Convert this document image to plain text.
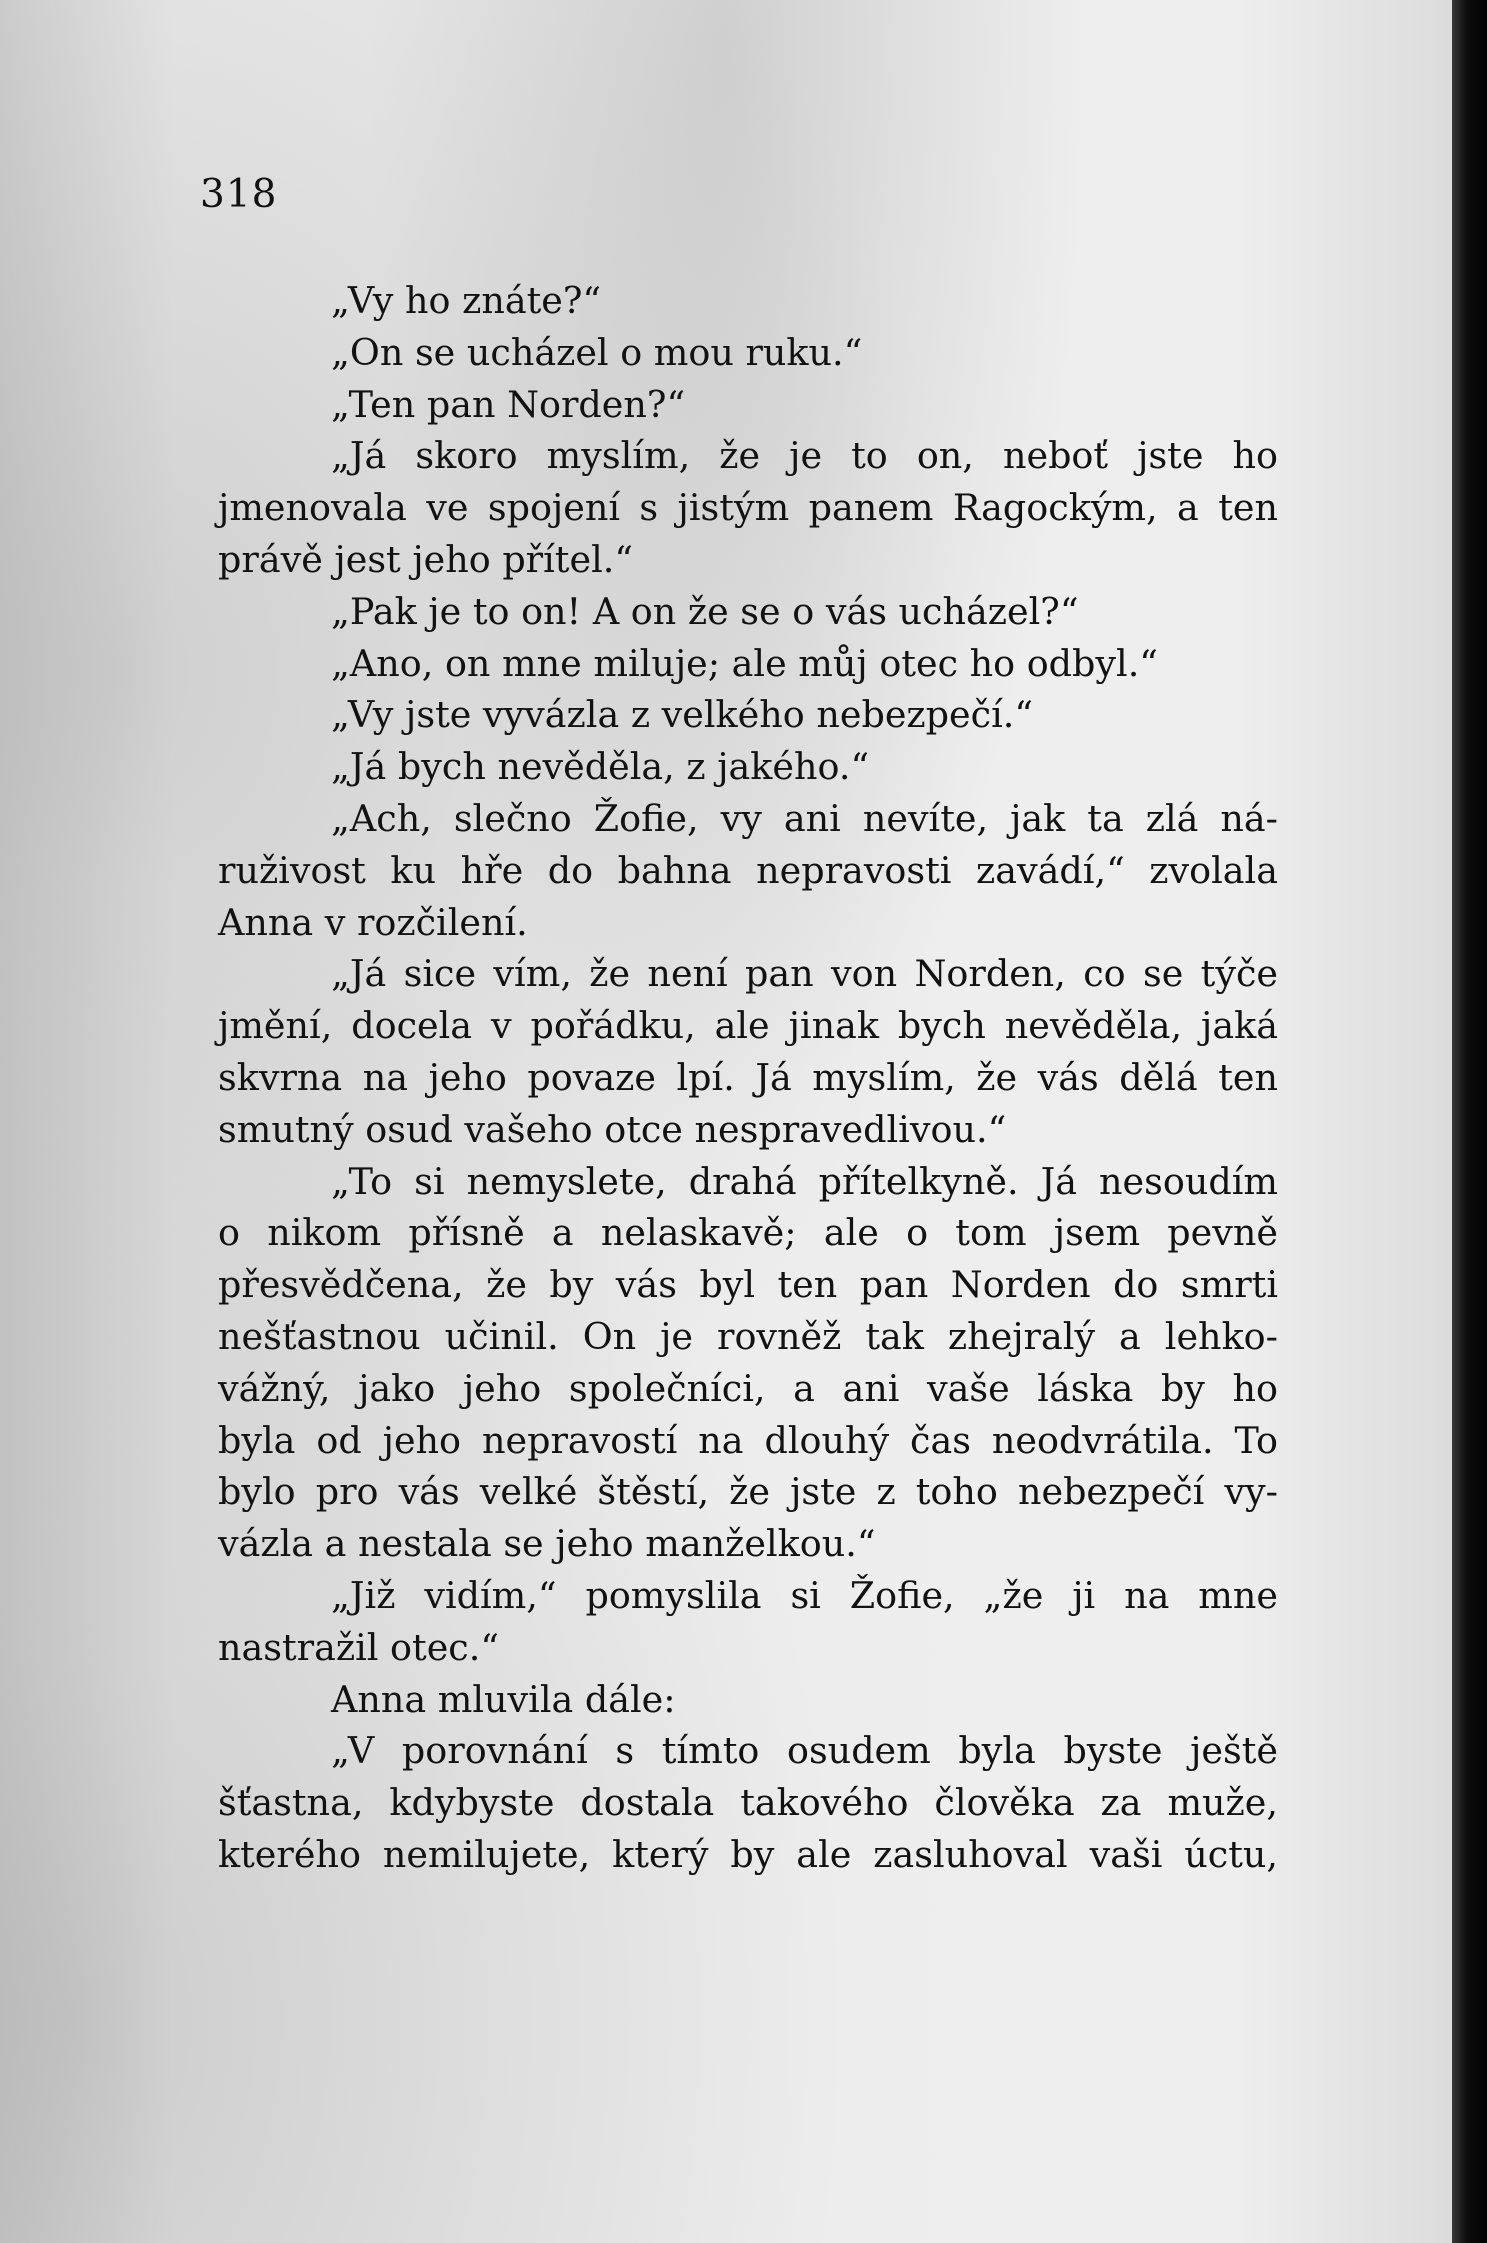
318

„Vy ho znáte?“

„On se ucházel o mou ruku.“

„Ten pan Norden?“

„Já skoro myslím, že je to on, neboť jste ho
jmenovala ve spojení s jistým panem Ragockým, a ten
právě jest jeho přítel.“

„Pak je to on! A on že se o vás ucházel?“

„Ano, on mne miluje; ale můj otec ho odbyl.“

„Vy jste vyvázla z velkého nebezpečí.“

„Já bych nevěděla, z jakého.“

„Ach, slečno Žofie, vy ani nevíte, jak ta zlá ná-
ruživost ku hře do bahna nepravosti zavádí,“ zvolala
Anna v rozčilení.

„Já sice vím, že není pan von Norden, co se týče
jmění, docela v pořádku, ale jinak bych nevěděla, jaká
skvrna na jeho povaze lpí. Já myslím, že vás dělá ten
smutný osud vašeho otce nespravedlivou.“

„To si nemyslete, drahá přítelkyně. Já nesoudím
o nikom přísně a nelaskavě; ale o tom jsem pevně
přesvědčena, že by vás byl ten pan Norden do smrti
nešťastnou učinil. On je rovněž tak zhejralý a lehko-
vážný, jako jeho společníci, a ani vaše láska by ho
byla od jeho nepravostí na dlouhý čas neodvrátila. To
bylo pro vás velké štěstí, že jste z toho nebezpečí vy-
vázla a nestala se jeho manželkou.“

„Již vidím,“ pomyslila si Žofie, „že ji na mne
nastražil otec.“

Anna mluvila dále:

„V porovnání s tímto osudem byla byste ještě
šťastna, kdybyste dostala takového člověka za muže,
kterého nemilujete, který by ale zasluhoval vaši úctu,
